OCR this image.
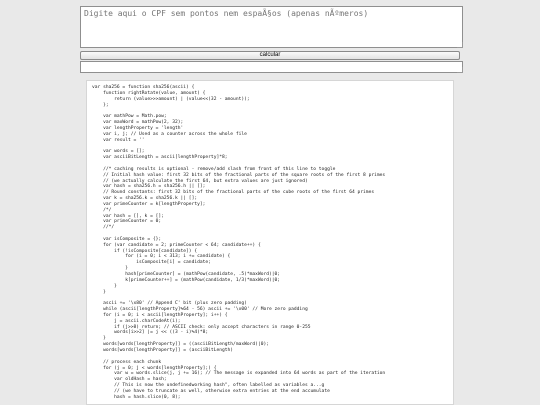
Digite aqui o CPF sem pontos nem espaÃ§os (apenas nÃºmeros)
calcular
var sha256 = function sha256(ascii) {
function rightRotate(value, amount) {
return (value>>>amount) | (value<<(32 - amount));
};

var mathPow = Math.pow;
var maxWord = mathPow(2, 32);
var lengthProperty = 'length'
var i, j; // Used as a counter across the whole file
var result = ''

var words = [];
var asciiBitLength = ascii[lengthProperty]*8;

//* caching results is optional - remove/add slash from front of this line to toggle
// Initial hash value: first 32 bits of the fractional parts of the square roots of the first 8 primes
// (we actually calculate the first 64, but extra values are just ignored)
var hash = sha256.h = sha256.h || [];
// Round constants: first 32 bits of the fractional parts of the cube roots of the first 64 primes
var k = sha256.k = sha256.k || [];
var primeCounter = k[lengthProperty];
/*/
var hash = [], k = [];
var primeCounter = 0;
//*/

var isComposite = {};
for (var candidate = 2; primeCounter < 64; candidate++) {
if (!isComposite[candidate]) {
for (i = 0; i < 313; i += candidate) {
isComposite[i] = candidate;
}
hash[primeCounter] = (mathPow(candidate, .5)*maxWord)|0;
k[primeCounter++] = (mathPow(candidate, 1/3)*maxWord)|0;
}
}

ascii += '\x80' // Append Ƈ' bit (plus zero padding)
while (ascii[lengthProperty]%64 - 56) ascii += '\x00' // More zero padding
for (i = 0; i < ascii[lengthProperty]; i++) {
j = ascii.charCodeAt(i);
if (j>>8) return; // ASCII check: only accept characters in range 0-255
words[i>>2] |= j << ((3 - i)%4)*8;
}
words[words[lengthProperty]] = ((asciiBitLength/maxWord)|0);
words[words[lengthProperty]] = (asciiBitLength)

// process each chunk
for (j = 0; j < words[lengthProperty];) {
var w = words.slice(j, j += 16); // The message is expanded into 64 words as part of the iteration
var oldHash = hash;
// This is now the undefinedworking hash", often labelled as variables a...g
// (we have to truncate as well, otherwise extra entries at the end accumulate
hash = hash.slice(0, 8);
